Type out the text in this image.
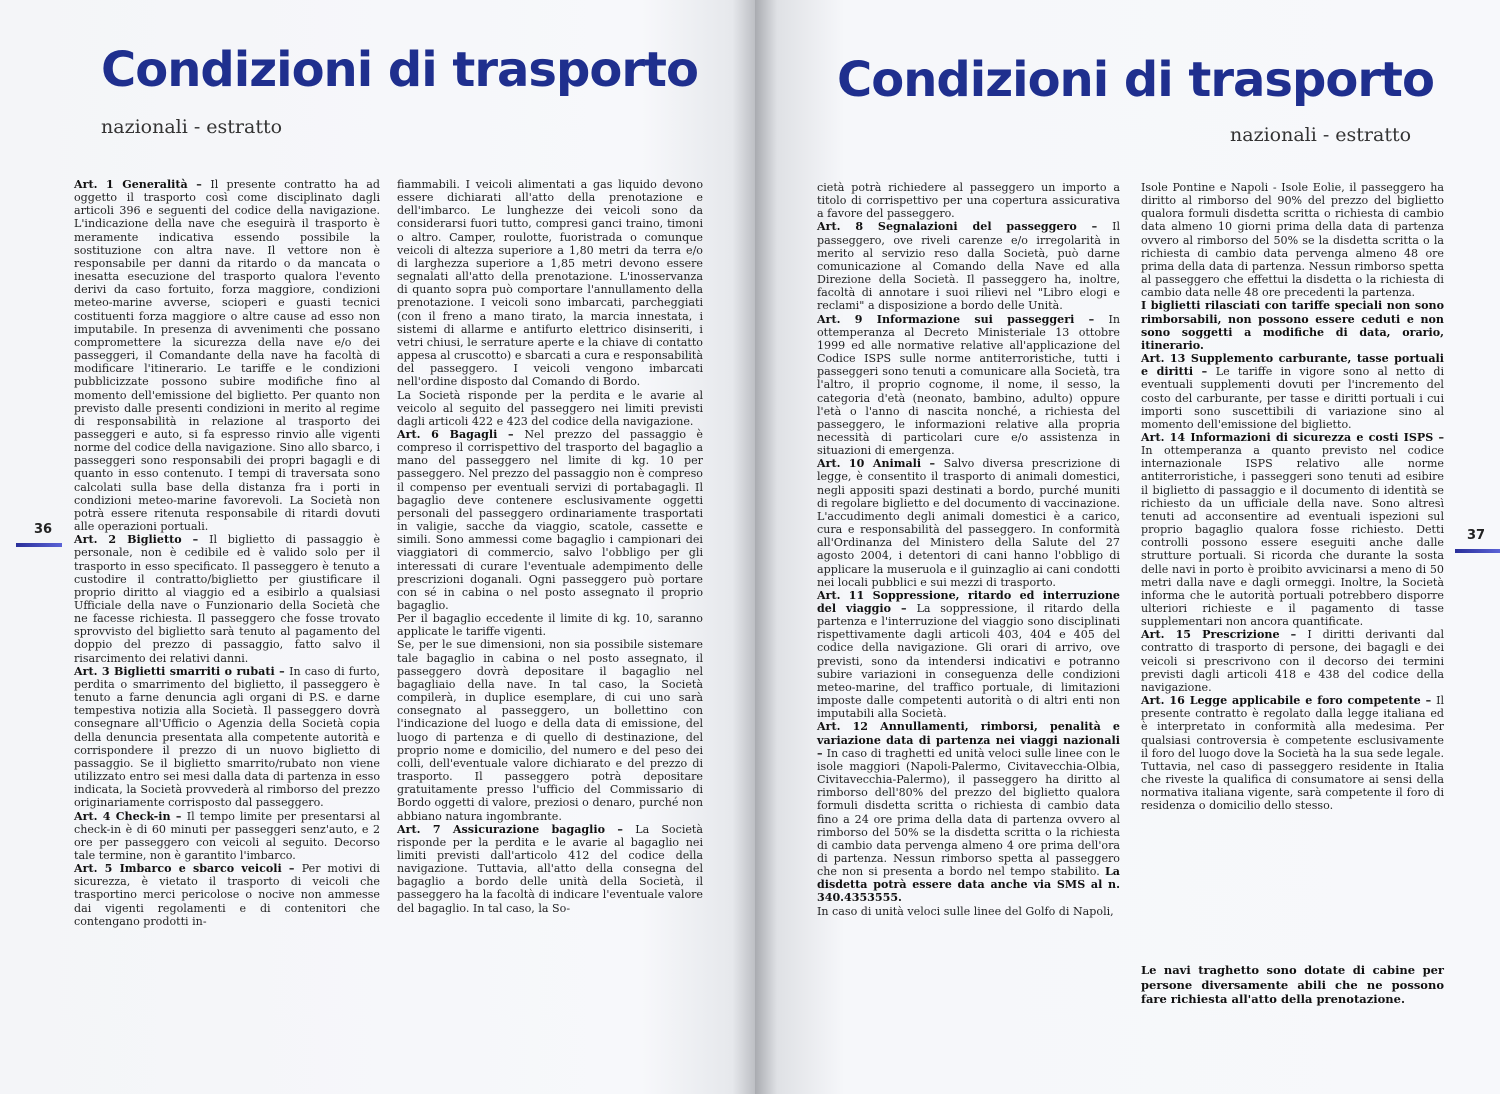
Condizioni di trasporto
nazionali - estratto

Art. 1 Generalità – Il presente contratto ha ad oggetto il trasporto così come disciplinato dagli articoli 396 e seguenti del codice della navigazione. L'indicazione della nave che eseguirà il trasporto è meramente indicativa essendo possibile la sostituzione con altra nave. Il vettore non è responsabile per danni da ritardo o da mancata o inesatta esecuzione del trasporto qualora l'evento derivi da caso fortuito, forza maggiore, condizioni meteo-marine avverse, scioperi e guasti tecnici costituenti forza maggiore o altre cause ad esso non imputabile. In presenza di avvenimenti che possano compromettere la sicurezza della nave e/o dei passeggeri, il Comandante della nave ha facoltà di modificare l'itinerario. Le tariffe e le condizioni pubblicizzate possono subire modifiche fino al momento dell'emissione del biglietto. Per quanto non previsto dalle presenti condizioni in merito al regime di responsabilità in relazione al trasporto dei passeggeri e auto, si fa espresso rinvio alle vigenti norme del codice della navigazione. Sino allo sbarco, i passeggeri sono responsabili dei propri bagagli e di quanto in esso contenuto. I tempi di traversata sono calcolati sulla base della distanza fra i porti in condizioni meteo-marine favorevoli. La Società non potrà essere ritenuta responsabile di ritardi dovuti alle operazioni portuali.

Art. 2 Biglietto – Il biglietto di passaggio è personale, non è cedibile ed è valido solo per il trasporto in esso specificato. Il passeggero è tenuto a custodire il contratto/biglietto per giustificare il proprio diritto al viaggio ed a esibirlo a qualsiasi Ufficiale della nave o Funzionario della Società che ne facesse richiesta. Il passeggero che fosse trovato sprovvisto del biglietto sarà tenuto al pagamento del doppio del prezzo di passaggio, fatto salvo il risarcimento dei relativi danni.

Art. 3 Biglietti smarriti o rubati – In caso di furto, perdita o smarrimento del biglietto, il passeggero è tenuto a farne denuncia agli organi di P.S. e darne tempestiva notizia alla Società. Il passeggero dovrà consegnare all'Ufficio o Agenzia della Società copia della denuncia presentata alla competente autorità e corrispondere il prezzo di un nuovo biglietto di passaggio. Se il biglietto smarrito/rubato non viene utilizzato entro sei mesi dalla data di partenza in esso indicata, la Società provvederà al rimborso del prezzo originariamente corrisposto dal passeggero.

Art. 4 Check-in – Il tempo limite per presentarsi al check-in è di 60 minuti per passeggeri senz'auto, e 2 ore per passeggero con veicoli al seguito. Decorso tale termine, non è garantito l'imbarco.

Art. 5 Imbarco e sbarco veicoli – Per motivi di sicurezza, è vietato il trasporto di veicoli che trasportino merci pericolose o nocive non ammesse dai vigenti regolamenti e di contenitori che contengano prodotti in-

fiammabili. I veicoli alimentati a gas liquido devono essere dichiarati all'atto della prenotazione e dell'imbarco. Le lunghezze dei veicoli sono da considerarsi fuori tutto, compresi ganci traino, timoni o altro. Camper, roulotte, fuoristrada o comunque veicoli di altezza superiore a 1,80 metri da terra e/o di larghezza superiore a 1,85 metri devono essere segnalati all'atto della prenotazione. L'inosservanza di quanto sopra può comportare l'annullamento della prenotazione. I veicoli sono imbarcati, parcheggiati (con il freno a mano tirato, la marcia innestata, i sistemi di allarme e antifurto elettrico disinseriti, i vetri chiusi, le serrature aperte e la chiave di contatto appesa al cruscotto) e sbarcati a cura e responsabilità del passeggero. I veicoli vengono imbarcati nell'ordine disposto dal Comando di Bordo.

La Società risponde per la perdita e le avarie al veicolo al seguito del passeggero nei limiti previsti dagli articoli 422 e 423 del codice della navigazione.

Art. 6 Bagagli – Nel prezzo del passaggio è compreso il corrispettivo del trasporto del bagaglio a mano del passeggero nel limite di kg. 10 per passeggero. Nel prezzo del passaggio non è compreso il compenso per eventuali servizi di portabagagli. Il bagaglio deve contenere esclusivamente oggetti personali del passeggero ordinariamente trasportati in valigie, sacche da viaggio, scatole, cassette e simili. Sono ammessi come bagaglio i campionari dei viaggiatori di commercio, salvo l'obbligo per gli interessati di curare l'eventuale adempimento delle prescrizioni doganali. Ogni passeggero può portare con sé in cabina o nel posto assegnato il proprio bagaglio.

Per il bagaglio eccedente il limite di kg. 10, saranno applicate le tariffe vigenti.

Se, per le sue dimensioni, non sia possibile sistemare tale bagaglio in cabina o nel posto assegnato, il passeggero dovrà depositare il bagaglio nel bagagliaio della nave. In tal caso, la Società compilerà, in duplice esemplare, di cui uno sarà consegnato al passeggero, un bollettino con l'indicazione del luogo e della data di emissione, del luogo di partenza e di quello di destinazione, del proprio nome e domicilio, del numero e del peso dei colli, dell'eventuale valore dichiarato e del prezzo di trasporto. Il passeggero potrà depositare gratuitamente presso l'ufficio del Commissario di Bordo oggetti di valore, preziosi o denaro, purché non abbiano natura ingombrante.

Art. 7 Assicurazione bagaglio – La Società risponde per la perdita e le avarie al bagaglio nei limiti previsti dall'articolo 412 del codice della navigazione. Tuttavia, all'atto della consegna del bagaglio a bordo delle unità della Società, il passeggero ha la facoltà di indicare l'eventuale valore del bagaglio. In tal caso, la So-

36
Condizioni di trasporto
nazionali - estratto

cietà potrà richiedere al passeggero un importo a titolo di corrispettivo per una copertura assicurativa a favore del passeggero.

Art. 8 Segnalazioni del passeggero – Il passeggero, ove riveli carenze e/o irregolarità in merito al servizio reso dalla Società, può darne comunicazione al Comando della Nave ed alla Direzione della Società. Il passeggero ha, inoltre, facoltà di annotare i suoi rilievi nel "Libro elogi e reclami" a disposizione a bordo delle Unità.

Art. 9 Informazione sui passeggeri – In ottemperanza al Decreto Ministeriale 13 ottobre 1999 ed alle normative relative all'applicazione del Codice ISPS sulle norme antiterroristiche, tutti i passeggeri sono tenuti a comunicare alla Società, tra l'altro, il proprio cognome, il nome, il sesso, la categoria d'età (neonato, bambino, adulto) oppure l'età o l'anno di nascita nonché, a richiesta del passeggero, le informazioni relative alla propria necessità di particolari cure e/o assistenza in situazioni di emergenza.

Art. 10 Animali – Salvo diversa prescrizione di legge, è consentito il trasporto di animali domestici, negli appositi spazi destinati a bordo, purché muniti di regolare biglietto e del documento di vaccinazione. L'accudimento degli animali domestici è a carico, cura e responsabilità del passeggero. In conformità all'Ordinanza del Ministero della Salute del 27 agosto 2004, i detentori di cani hanno l'obbligo di applicare la museruola e il guinzaglio ai cani condotti nei locali pubblici e sui mezzi di trasporto.

Art. 11 Soppressione, ritardo ed interruzione del viaggio – La soppressione, il ritardo della partenza e l'interruzione del viaggio sono disciplinati rispettivamente dagli articoli 403, 404 e 405 del codice della navigazione. Gli orari di arrivo, ove previsti, sono da intendersi indicativi e potranno subire variazioni in conseguenza delle condizioni meteo-marine, del traffico portuale, di limitazioni imposte dalle competenti autorità o di altri enti non imputabili alla Società.

Art. 12 Annullamenti, rimborsi, penalità e variazione data di partenza nei viaggi nazionali – In caso di traghetti ed unità veloci sulle linee con le isole maggiori (Napoli-Palermo, Civitavecchia-Olbia, Civitavecchia-Palermo), il passeggero ha diritto al rimborso dell'80% del prezzo del biglietto qualora formuli disdetta scritta o richiesta di cambio data fino a 24 ore prima della data di partenza ovvero al rimborso del 50% se la disdetta scritta o la richiesta di cambio data pervenga almeno 4 ore prima dell'ora di partenza. Nessun rimborso spetta al passeggero che non si presenta a bordo nel tempo stabilito. La disdetta potrà essere data anche via SMS al n. 340.4353555.

In caso di unità veloci sulle linee del Golfo di Napoli,

Isole Pontine e Napoli - Isole Eolie, il passeggero ha diritto al rimborso del 90% del prezzo del biglietto qualora formuli disdetta scritta o richiesta di cambio data almeno 10 giorni prima della data di partenza ovvero al rimborso del 50% se la disdetta scritta o la richiesta di cambio data pervenga almeno 48 ore prima della data di partenza. Nessun rimborso spetta al passeggero che effettui la disdetta o la richiesta di cambio data nelle 48 ore precedenti la partenza.

I biglietti rilasciati con tariffe speciali non sono rimborsabili, non possono essere ceduti e non sono soggetti a modifiche di data, orario, itinerario.

Art. 13 Supplemento carburante, tasse portuali e diritti – Le tariffe in vigore sono al netto di eventuali supplementi dovuti per l'incremento del costo del carburante, per tasse e diritti portuali i cui importi sono suscettibili di variazione sino al momento dell'emissione del biglietto.

Art. 14 Informazioni di sicurezza e costi ISPS – In ottemperanza a quanto previsto nel codice internazionale ISPS relativo alle norme antiterroristiche, i passeggeri sono tenuti ad esibire il biglietto di passaggio e il documento di identità se richiesto da un ufficiale della nave. Sono altresì tenuti ad acconsentire ad eventuali ispezioni sul proprio bagaglio qualora fosse richiesto. Detti controlli possono essere eseguiti anche dalle strutture portuali. Si ricorda che durante la sosta delle navi in porto è proibito avvicinarsi a meno di 50 metri dalla nave e dagli ormeggi. Inoltre, la Società informa che le autorità portuali potrebbero disporre ulteriori richieste e il pagamento di tasse supplementari non ancora quantificate.

Art. 15 Prescrizione – I diritti derivanti dal contratto di trasporto di persone, dei bagagli e dei veicoli si prescrivono con il decorso dei termini previsti dagli articoli 418 e 438 del codice della navigazione.

Art. 16 Legge applicabile e foro competente – Il presente contratto è regolato dalla legge italiana ed è interpretato in conformità alla medesima. Per qualsiasi controversia è competente esclusivamente il foro del luogo dove la Società ha la sua sede legale. Tuttavia, nel caso di passeggero residente in Italia che riveste la qualifica di consumatore ai sensi della normativa italiana vigente, sarà competente il foro di residenza o domicilio dello stesso.

Le navi traghetto sono dotate di cabine per persone diversamente abili che ne possono fare richiesta all'atto della prenotazione.
37
